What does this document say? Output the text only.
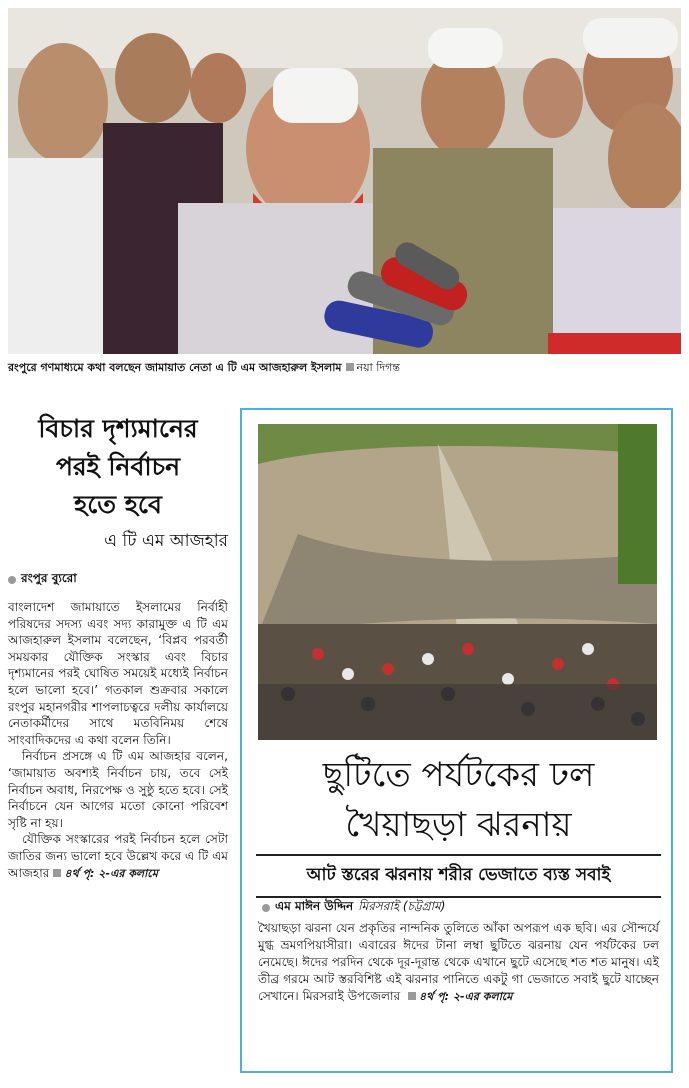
রংপুরে গণমাধ্যমে কথা বলছেন জামায়াত নেতা এ টি এম আজহারুল ইসলাম নয়া দিগন্ত
বিচার দৃশ্যমানের
পরই নির্বাচন
হতে হবে
এ টি এম আজহার
রংপুর ব্যুরো

বাংলাদেশ জামায়াতে ইসলামের নির্বাহী পরিষদের সদস্য এবং সদ্য কারামুক্ত এ টি এম আজহারুল ইসলাম বলেছেন, ‘বিপ্লব পরবর্তী সময়কার যৌক্তিক সংস্কার এবং বিচার দৃশ্যমানের পরই ঘোষিত সময়েই মধ্যেই নির্বাচন হলে ভালো হবে।’ গতকাল শুক্রবার সকালে রংপুর মহানগরীর শাপলাচত্বরে দলীয় কার্যালয়ে নেতাকর্মীদের সাথে মতবিনিময় শেষে সাংবাদিকদের এ কথা বলেন তিনি।

নির্বাচন প্রসঙ্গে এ টি এম আজহার বলেন, ‘জামায়াত অবশ্যই নির্বাচন চায়, তবে সেই নির্বাচন অবাধ, নিরপেক্ষ ও সুষ্ঠু হতে হবে। সেই নির্বাচনে যেন আগের মতো কোনো পরিবেশ সৃষ্টি না হয়।

যৌক্তিক সংস্কারের পরই নির্বাচন হলে সেটা জাতির জন্য ভালো হবে উল্লেখ করে এ টি এম আজহার ৪র্থ পৃ: ২-এর কলামে

ছুটিতে পর্যটকের ঢল
খৈয়াছড়া ঝরনায়
আট স্তরের ঝরনায় শরীর ভেজাতে ব্যস্ত সবাই
এম মাঈন উদ্দিন মিরসরাই (চট্টগ্রাম)
খৈয়াছড়া ঝরনা যেন প্রকৃতির নান্দনিক তুলিতে আঁকা অপরূপ এক ছবি। এর সৌন্দর্যে মুগ্ধ ভ্রমণপিয়াসীরা। এবারের ঈদের টানা লম্বা ছুটিতে ঝরনায় যেন পর্যটকের ঢল নেমেছে। ঈদের পরদিন থেকে দূর-দূরান্ত থেকে এখানে ছুটে এসেছে শত শত মানুষ। এই তীব্র গরমে আট স্তরবিশিষ্ট এই ঝরনার পানিতে একটু গা ভেজাতে সবাই ছুটে যাচ্ছেন সেখানে। মিরসরাই উপজেলার ৪র্থ পৃ: ২-এর কলামে
